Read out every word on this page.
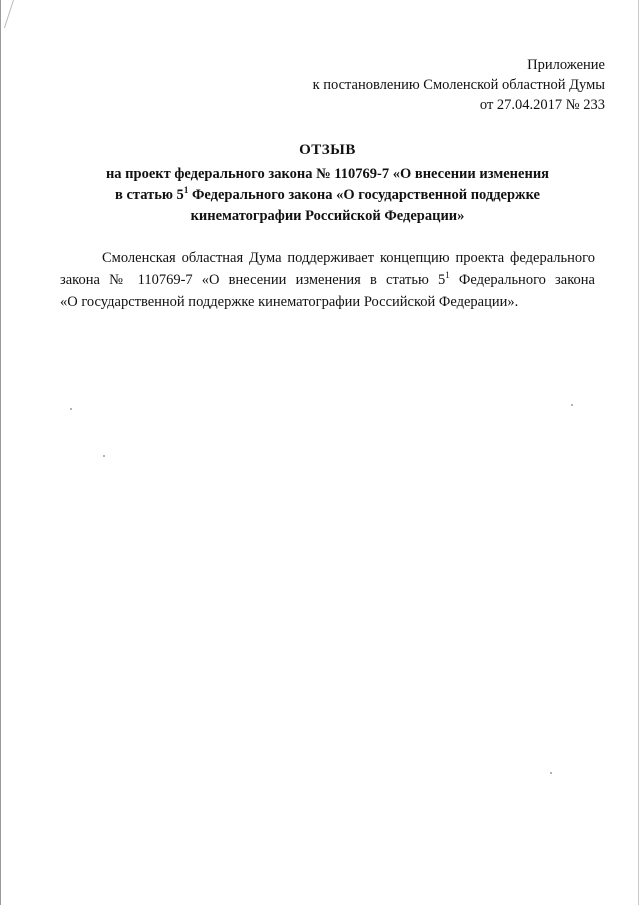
Приложение
к постановлению Смоленской областной Думы
от 27.04.2017 № 233
ОТЗЫВ
на проект федерального закона № 110769-7 «О внесении изменения
в статью $5^1$ Федерального закона «О государственной поддержке
кинематографии Российской Федерации»
Смоленская областная Дума поддерживает концепцию проекта федерального
закона № 110769-7 «О внесении изменения в статью $5^1$ Федерального закона
«О государственной поддержке кинематографии Российской Федерации».
